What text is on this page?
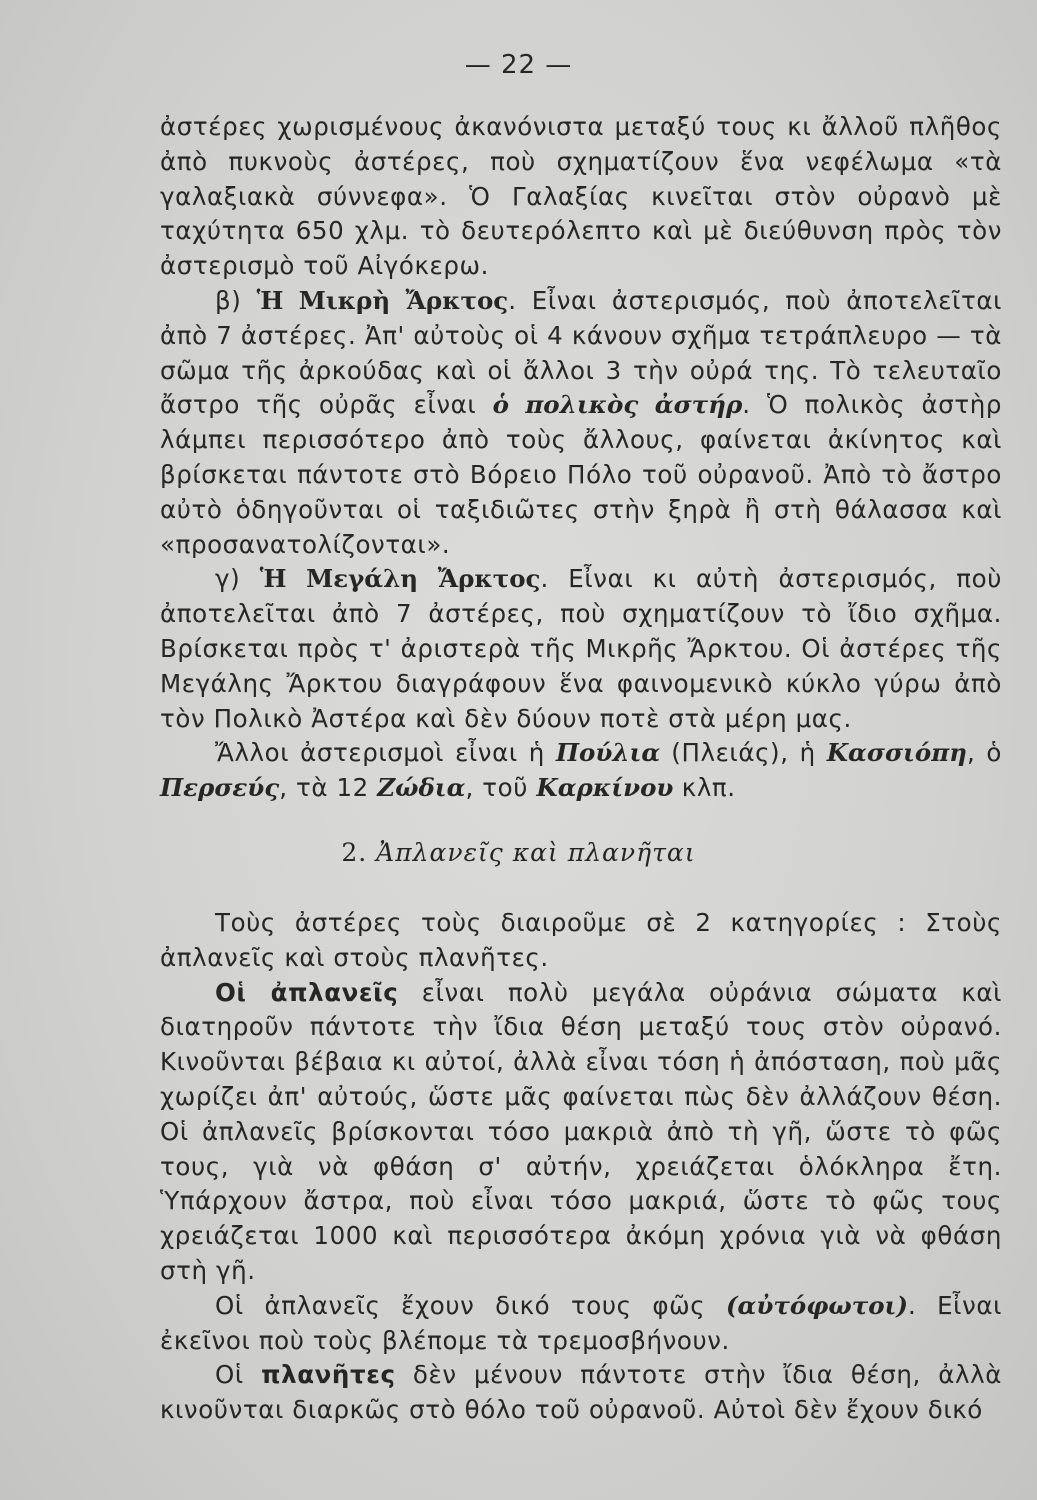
— 22 —

ἀστέρες χωρισμένους ἀκανόνιστα μεταξύ τους κι ἄλλοῦ πλῆθος ἀπὸ πυκνοὺς ἀστέρες, ποὺ σχηματίζουν ἕνα νεφέλωμα «τὰ γαλαξιακὰ σύννεφα». Ὁ Γαλαξίας κινεῖται στὸν οὐρανὸ μὲ ταχύτητα 650 χλμ. τὸ δευτερόλεπτο καὶ μὲ διεύθυνση πρὸς τὸν ἀστερισμὸ τοῦ Αἰγόκερω.

β) Ἡ Μικρὴ Ἄρκτος. Εἶναι ἀστερισμός, ποὺ ἀποτελεῖται ἀπὸ 7 ἀστέρες. Ἀπ' αὐτοὺς οἱ 4 κάνουν σχῆμα τετράπλευρο — τὰ σῶμα τῆς ἀρκούδας καὶ οἱ ἄλλοι 3 τὴν οὐρά της. Τὸ τελευταῖο ἄστρο τῆς οὐρᾶς εἶναι ὁ πολικὸς ἀστήρ. Ὁ πολικὸς ἀστὴρ λάμπει περισσότερο ἀπὸ τοὺς ἄλλους, φαίνεται ἀκίνητος καὶ βρίσκεται πάντοτε στὸ Βόρειο Πόλο τοῦ οὐρανοῦ. Ἀπὸ τὸ ἄστρο αὐτὸ ὁδηγοῦνται οἱ ταξιδιῶτες στὴν ξηρὰ ἢ στὴ θάλασσα καὶ «προσανατολίζονται».

γ) Ἡ Μεγάλη Ἄρκτος. Εἶναι κι αὐτὴ ἀστερισμός, ποὺ ἀποτελεῖται ἀπὸ 7 ἀστέρες, ποὺ σχηματίζουν τὸ ἴδιο σχῆμα. Βρίσκεται πρὸς τ' ἀριστερὰ τῆς Μικρῆς Ἄρκτου. Οἱ ἀστέρες τῆς Μεγάλης Ἄρκτου διαγράφουν ἕνα φαινομενικὸ κύκλο γύρω ἀπὸ τὸν Πολικὸ Ἀστέρα καὶ δὲν δύουν ποτὲ στὰ μέρη μας.

Ἄλλοι ἀστερισμοὶ εἶναι ἡ Πούλια (Πλειάς), ἡ Κασσιόπη, ὁ Περσεύς, τὰ 12 Ζώδια, τοῦ Καρκίνου κλπ.

2. Ἀπλανεῖς καὶ πλανῆται

Τοὺς ἀστέρες τοὺς διαιροῦμε σὲ 2 κατηγορίες : Στοὺς ἀπλανεῖς καὶ στοὺς πλανῆτες.

Οἱ ἀπλανεῖς εἶναι πολὺ μεγάλα οὐράνια σώματα καὶ διατηροῦν πάντοτε τὴν ἴδια θέση μεταξύ τους στὸν οὐρανό. Κινοῦνται βέβαια κι αὐτοί, ἀλλὰ εἶναι τόση ἡ ἀπόσταση, ποὺ μᾶς χωρίζει ἀπ' αὐτούς, ὥστε μᾶς φαίνεται πὼς δὲν ἀλλάζουν θέση. Οἱ ἀπλανεῖς βρίσκονται τόσο μακριὰ ἀπὸ τὴ γῆ, ὥστε τὸ φῶς τους, γιὰ νὰ φθάση σ' αὐτήν, χρειάζεται ὁλόκληρα ἔτη. Ὑπάρχουν ἄστρα, ποὺ εἶναι τόσο μακριά, ὥστε τὸ φῶς τους χρειάζεται 1000 καὶ περισσότερα ἀκόμη χρόνια γιὰ νὰ φθάση στὴ γῆ.

Οἱ ἀπλανεῖς ἔχουν δικό τους φῶς (αὐτόφωτοι). Εἶναι ἐκεῖνοι ποὺ τοὺς βλέπομε τὰ τρεμοσβήνουν.

Οἱ πλανῆτες δὲν μένουν πάντοτε στὴν ἴδια θέση, ἀλλὰ κινοῦνται διαρκῶς στὸ θόλο τοῦ οὐρανοῦ. Αὐτοὶ δὲν ἔχουν δικό
